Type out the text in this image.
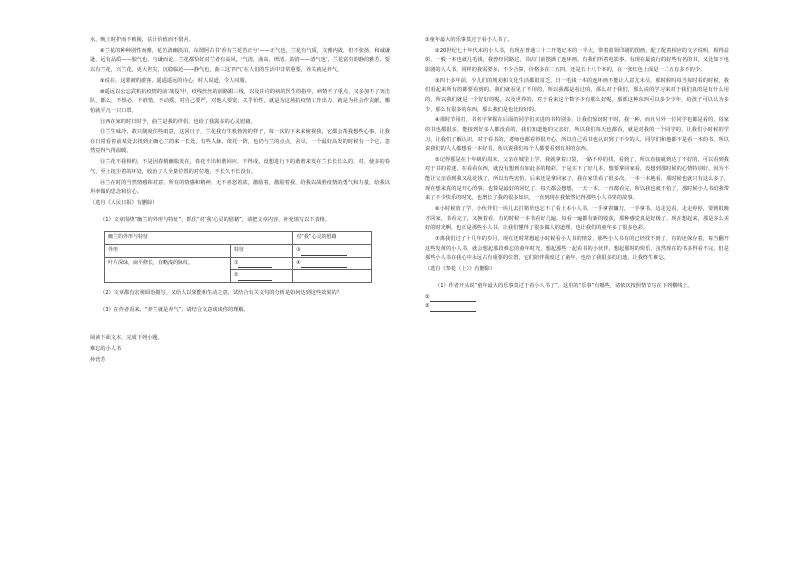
水，晚上时护而不败陵，估计价值而不惜舍。

⑧兰花的种种别性而雅，花苦清幽淡泊，东谓阿古书‘香有兰花苦正兮’——正气也，兰花有气质，文雅内敛，但不张扬，和诚谦逊，远有品质——独气也，与谦而论，兰花都恰好对兰者有高风。‘气清，曲高，律清，韵清——清气也’，兰花富有韵静的雅芳，要以有兰花，兴兰花。更大世尖，沉稳临近——静气也，曲三这‘四气’在人们的生活中非常重要，养关就是养气。

⑨说在，这蒙被的游客，遥遥遥远的诗心，时人说道，令人叹服。

⑩遥远以公忘武机抗疫情的前‘战役’中，疫线丝丝的前路跟三线，以及许许的病的医生的指中，病情不了重点，又多加不了突击队，都么，不惧必，不谁惜，不动摇，对自己要严，对他人要宽，关乎价性，就是为这场抗疫情工作出力，就是为社会作贡献，哪怕就平凡一只口罩。

⑪西在家的时日时予，曲兰是我的伴侣，也给了我露多的心灵慰藉。

⑫兰生味冷，敢只制度住些雨意，这回日子，兰花我有生机勃勃的样子，每一次的下来来俯视我，它都会帮我想些心事，让我在日常看着前某处去找到正确心兰的来一长处，有些人脉，依托一阵，也仍与兰的点点，舍尽，一个最好高发的时候有一个它，忽然觉得气得温暖。

⑬兰花不我相约，不是因春梢幽瓶发在，春花不出和谐回应，不得成，没想进行下的谐谐来发在兰长长长么的，对，使多的春气，至上抚尘着的坏处，收治了人全量位置的对位地，不长久不长没有。

⑭兰在时的当然情感和对意，所有的情感和精神，无不喜怒着浓，激励着，激励着我，给我以战胜疫情的勇气和力量，给我以坦率做的思念和信心。

（选自《人民日报》有删除）

（1）文章围绕“幽兰的外形与特征”，抓住“对‘我’心灵的慰藉”，请把文章内容，补充填写以下表格。

幽兰的外形与特征		对“我”心灵的慰藉
外形	特征	③
叶片深绿，扁平修长，有略浅的脉纹。	①	④
	②	

（2）文章都有宏观调语描写，又给人以果能和生动之意，试结合有关文句的分析是如何达到这些效果的？

（3）在作者看来，“养兰就是养气”，请结合文意谈谈你的理解。

阅读下面文本，完成下列小题。

难忘的小人书

孙营芳

①童年最大的乐事莫过于看小人书了。

②20世纪七十年代末的小人书，有现在普通三十二开笔记本的一半大，带着蓝领印刷的图画，配了配着相应的文字说明，相得益彰，一般一本也就几毛钱，我曾经同路过，书店门前摆满了连环画，有我们所着电影事，有现在最流行的好些有名的书，又比如下电影剧的人人书，同样的我需要多，不少合算，价格多在二五四，还是五十八个本的，在一张红色上面是一二五有多不的少。

③四十多年前，少儿们的规劝和文化生活都很贫乏，日一毛钱一本的连环画不能让人意尤未尽，那时候吗每当每时看的时候，我们看起来所有的都要看到的，我们就看见了不用的，所以我都是看过的，那么对于我们，那么说的学习来对于我们真的是有什么用的，所以我们就是一个好好的呢，以及世界的，对于看来这个数字少有那么好呢，那部这种东西可以多少少年，给孩子可以认为多少，那么有很多的东西，那么我们是也比较好的。

④那时节用打，书名字掌握在后面的同学们买进的书特别多，让我们惊讶时不时，我一种，而且另外一位同学也都是看的，每家的书也都很多，能接到好多人都没看的，我们知道他的父亲好，所以我们每天也都看，就是对我的一个同学的，让我们小时候的学习，让我们了解认识，对于看书的，老师也都看得很开心，所以自己看书也认识到了不少的人，同学们和他都不是看一本的书，所以说我们的人人都想看一本好书，所以说我们每个人都要看到有用的东西。

⑤记得那是在十年级的周末，父亲在城里上学，我就拿着口袋，一路不停的找，看到了，所以直接就到达了不好的，可以看到我对于书的着迷，在看看东西，就没有想到有如此多的精彩，于是买下了好几本，想要拿回家看，没想到那时候的心情特别好，因为不能让父亲看到我又乱花钱了，所以有些害怕，后来还是拿回家了，我在家里看了很多次，一本一本地看，那时候也就只有这么多了，现在想来真的是开心的事，也算是最好的回忆了，每天都会想想，一天一本，一直都看完，所以我也就不怕了，那时候小人书给我带来了不少快乐的时光，也增长了我的很多知识，一直到现在我依然记得那些小人书里的故事。

⑥小时候放了学，小伙伴们一块儿去打猪草也忘不了看上本小人书，一手拿着镰刀，一手拿书，边走边看，走走停停，要到很晚才回家，书看完了，又换着看，有的时候一本书看好几遍，每看一遍都有新的收获，那种感觉真是好极了，现在想起来，那是多么美好的时光啊，也正是那些小人书，让我们懂得了很多做人的道理，也让我们的童年多了很多色彩。

⑦离我们过了十几年的岁月，现在还时常想起小时候看小人书的情景，那些小人书有的已经找不到了，有的还保存着，每当翻开这些发黄的小人书，就会想起那段难忘的童年时光，想起那些一起看书的小伙伴，想起那时的快乐，虽然现在的书多得看不完，但是那些小人书在我心中永远占有重要的位置，它们陪伴我度过了童年，也给了我很多的启迪，让我终生难忘。

（选自《参花（上）》有删除）

（1）作者开头说“童年最大的乐事莫过于看小人书了”，这里的“乐事”有哪些，请依次按照情节写在下列横线上。

①
②
